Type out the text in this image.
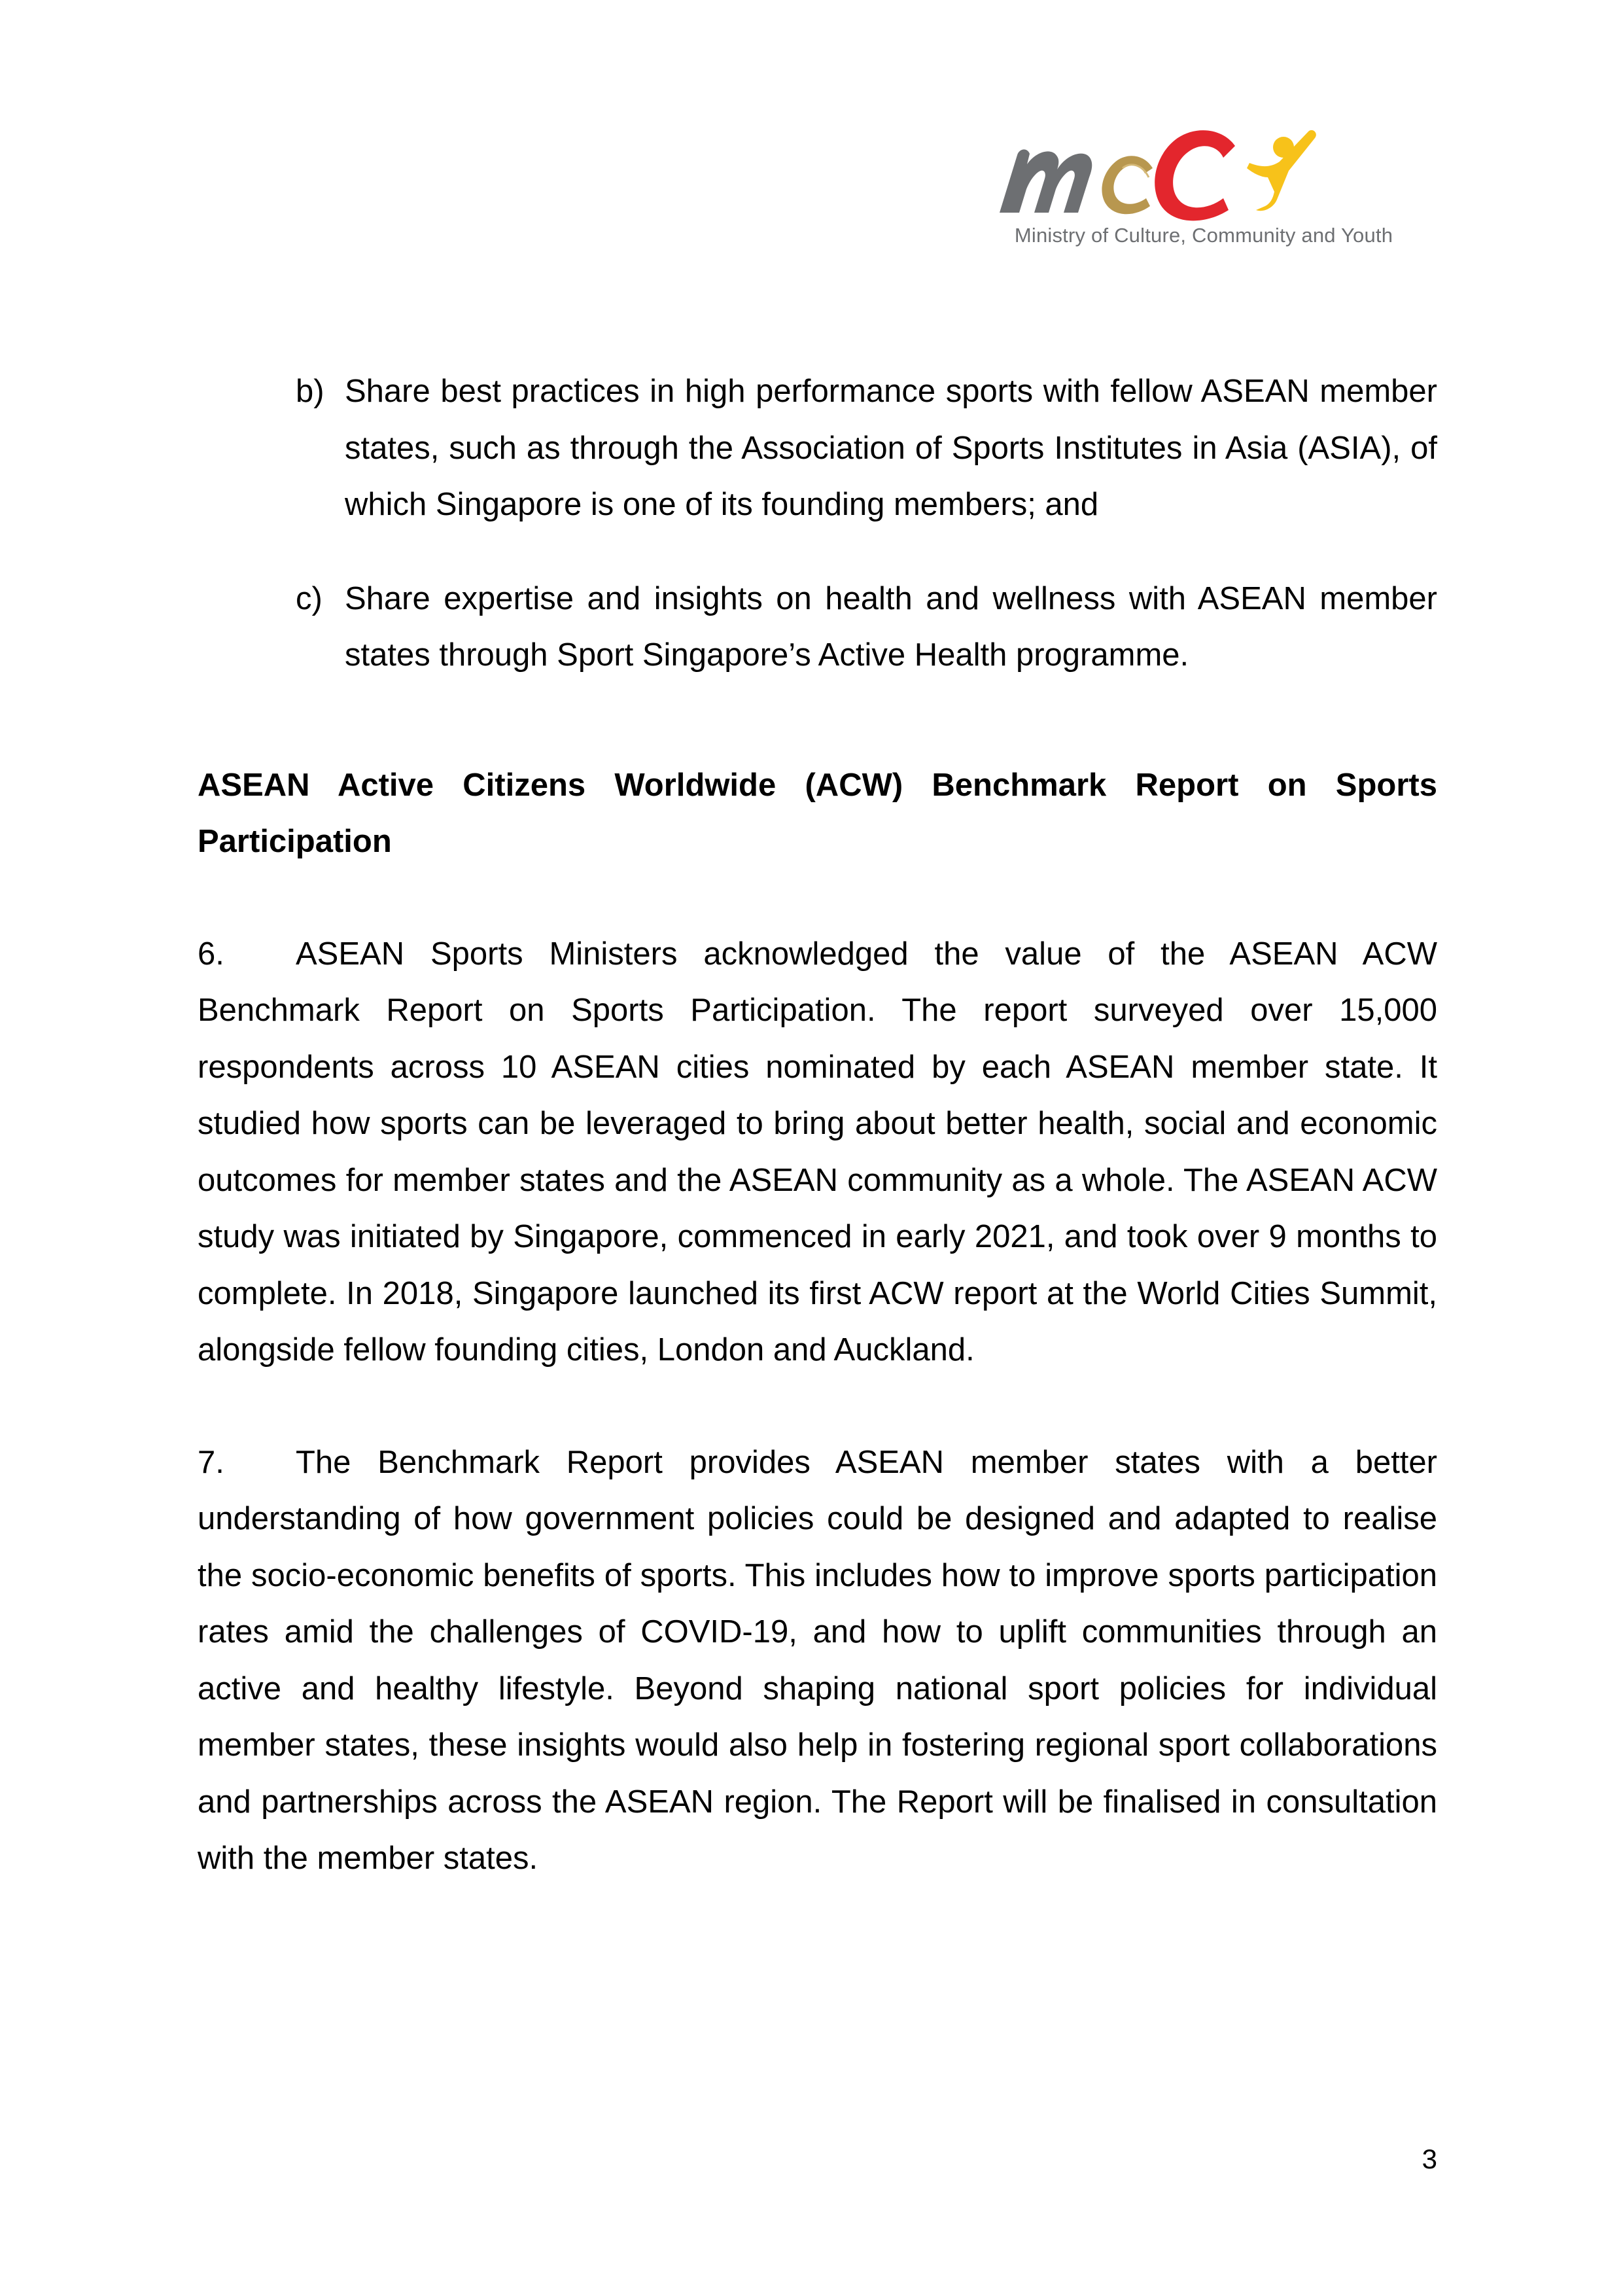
Ministry of Culture, Community and Youth
b) Share best practices in high performance sports with fellow ASEAN member states, such as through the Association of Sports Institutes in Asia (ASIA), of which Singapore is one of its founding members; and
c) Share expertise and insights on health and wellness with ASEAN member states through Sport Singapore’s Active Health programme.

ASEAN Active Citizens Worldwide (ACW) Benchmark Report on Sports Participation

6. ASEAN Sports Ministers acknowledged the value of the ASEAN ACW Benchmark Report on Sports Participation. The report surveyed over 15,000 respondents across 10 ASEAN cities nominated by each ASEAN member state. It studied how sports can be leveraged to bring about better health, social and economic outcomes for member states and the ASEAN community as a whole. The ASEAN ACW study was initiated by Singapore, commenced in early 2021, and took over 9 months to complete. In 2018, Singapore launched its first ACW report at the World Cities Summit, alongside fellow founding cities, London and Auckland.

7. The Benchmark Report provides ASEAN member states with a better understanding of how government policies could be designed and adapted to realise the socio-economic benefits of sports. This includes how to improve sports participation rates amid the challenges of COVID-19, and how to uplift communities through an active and healthy lifestyle. Beyond shaping national sport policies for individual member states, these insights would also help in fostering regional sport collaborations and partnerships across the ASEAN region. The Report will be finalised in consultation with the member states.

3
